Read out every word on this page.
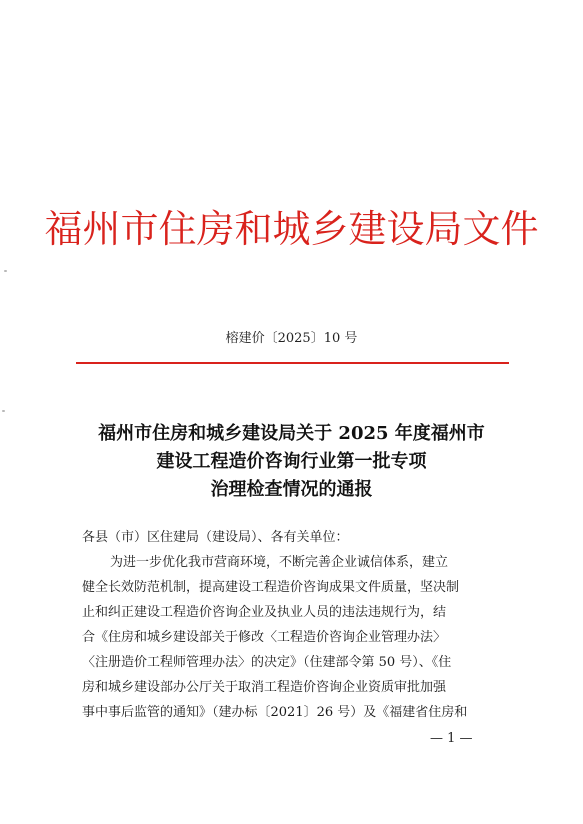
福州市住房和城乡建设局文件
榕建价〔2025〕10 号
福州市住房和城乡建设局关于 2025 年度福州市
建设工程造价咨询行业第一批专项
治理检查情况的通报
各县（市）区住建局（建设局）、各有关单位：
为进一步优化我市营商环境，不断完善企业诚信体系，建立
健全长效防范机制，提高建设工程造价咨询成果文件质量，坚决制
止和纠正建设工程造价咨询企业及执业人员的违法违规行为，结
合《住房和城乡建设部关于修改〈工程造价咨询企业管理办法〉
〈注册造价工程师管理办法〉的决定》（住建部令第 50 号）、《住
房和城乡建设部办公厅关于取消工程造价咨询企业资质审批加强
事中事后监管的通知》（建办标〔2021〕26 号）及《福建省住房和
— 1 —
